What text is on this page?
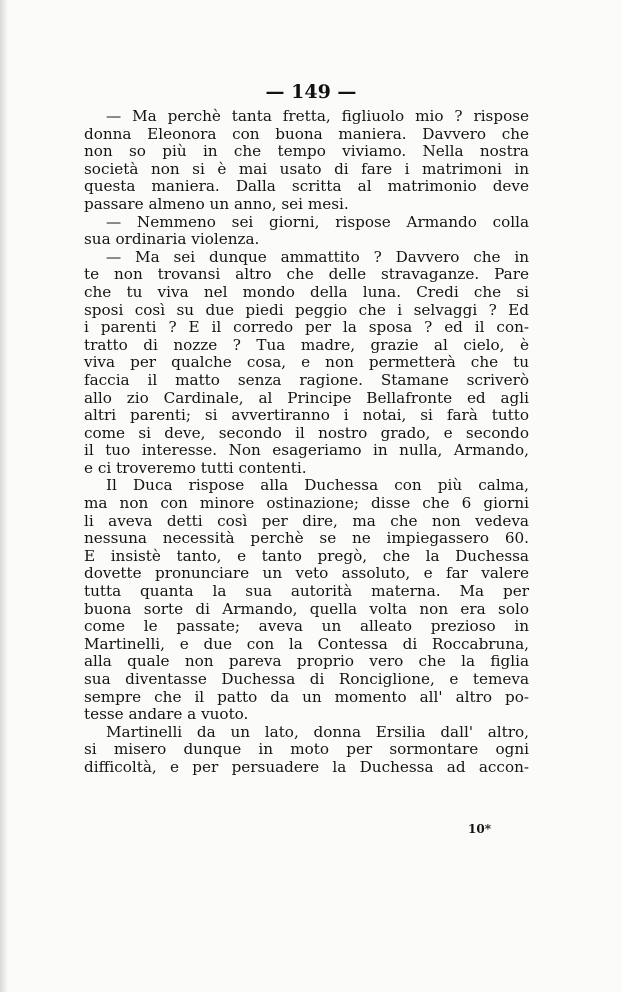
— 149 —
— Ma perchè tanta fretta, figliuolo mio ? rispose
donna Eleonora con buona maniera. Davvero che
non so più in che tempo viviamo. Nella nostra
società non si è mai usato di fare i matrimoni in
questa maniera. Dalla scritta al matrimonio deve
passare almeno un anno, sei mesi.
— Nemmeno sei giorni, rispose Armando colla
sua ordinaria violenza.
— Ma sei dunque ammattito ? Davvero che in
te non trovansi altro che delle stravaganze. Pare
che tu viva nel mondo della luna. Credi che si
sposi così su due piedi peggio che i selvaggi ? Ed
i parenti ? E il corredo per la sposa ? ed il con-
tratto di nozze ? Tua madre, grazie al cielo, è
viva per qualche cosa, e non permetterà che tu
faccia il matto senza ragione. Stamane scriverò
allo zio Cardinale, al Principe Bellafronte ed agli
altri parenti; si avvertiranno i notai, si farà tutto
come si deve, secondo il nostro grado, e secondo
il tuo interesse. Non esageriamo in nulla, Armando,
e ci troveremo tutti contenti.
Il Duca rispose alla Duchessa con più calma,
ma non con minore ostinazione; disse che 6 giorni
li aveva detti così per dire, ma che non vedeva
nessuna necessità perchè se ne impiegassero 60.
E insistè tanto, e tanto pregò, che la Duchessa
dovette pronunciare un veto assoluto, e far valere
tutta quanta la sua autorità materna. Ma per
buona sorte di Armando, quella volta non era solo
come le passate; aveva un alleato prezioso in
Martinelli, e due con la Contessa di Roccabruna,
alla quale non pareva proprio vero che la figlia
sua diventasse Duchessa di Ronciglione, e temeva
sempre che il patto da un momento all' altro po-
tesse andare a vuoto.
Martinelli da un lato, donna Ersilia dall' altro,
si misero dunque in moto per sormontare ogni
difficoltà, e per persuadere la Duchessa ad accon-
10*
